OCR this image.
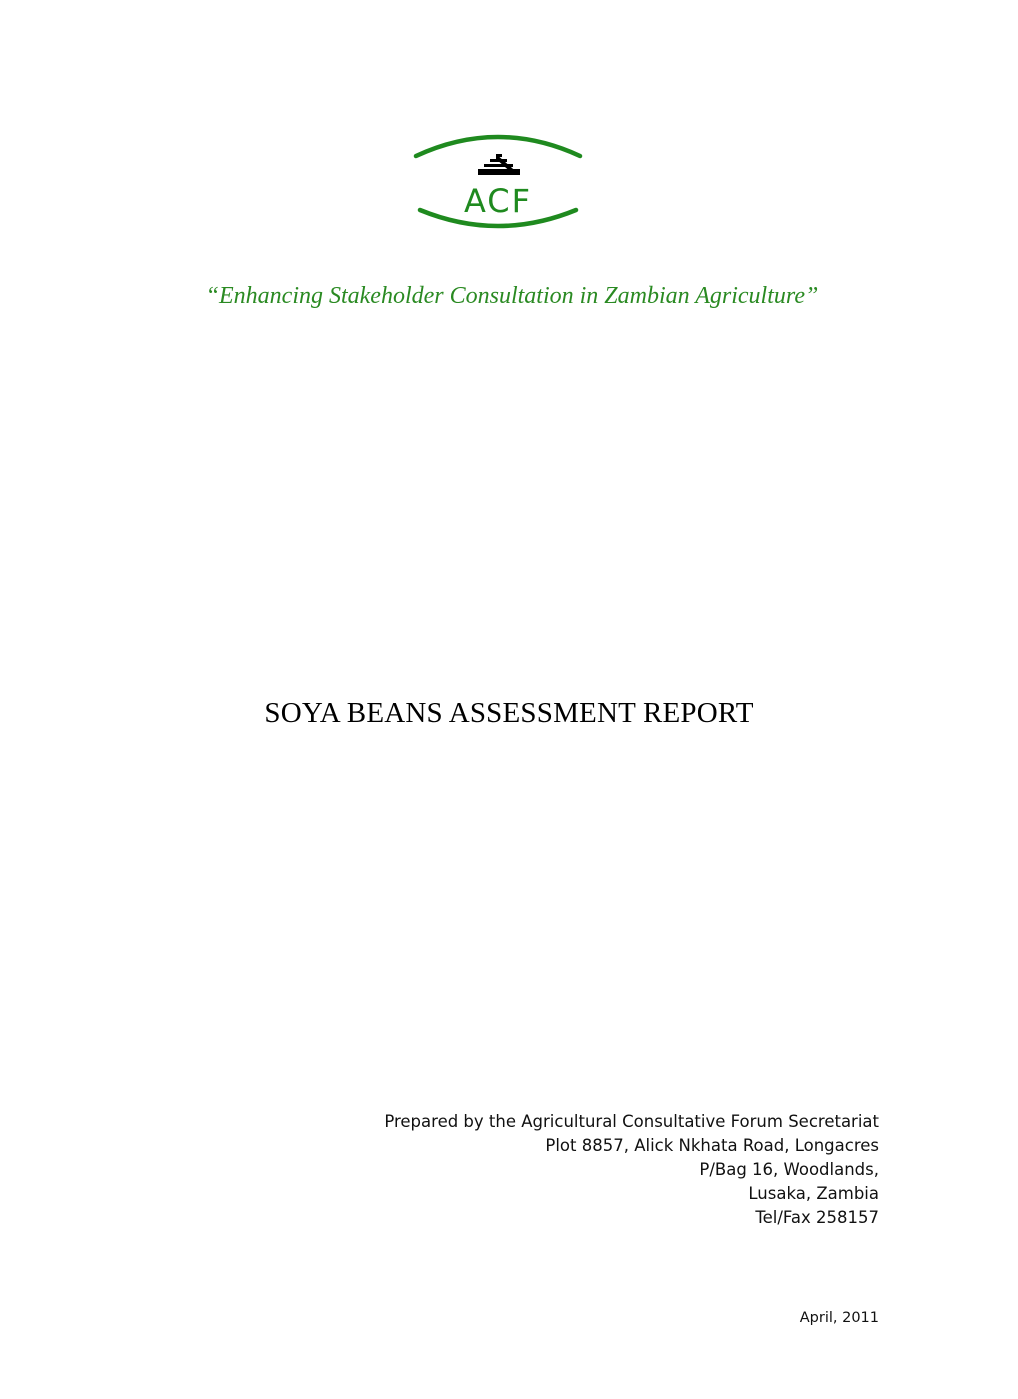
ACF
“Enhancing Stakeholder Consultation in Zambian Agriculture”
SOYA BEANS ASSESSMENT REPORT
Prepared by the Agricultural Consultative Forum Secretariat
Plot 8857, Alick Nkhata Road, Longacres
P/Bag 16, Woodlands,
Lusaka, Zambia
Tel/Fax 258157
April, 2011
